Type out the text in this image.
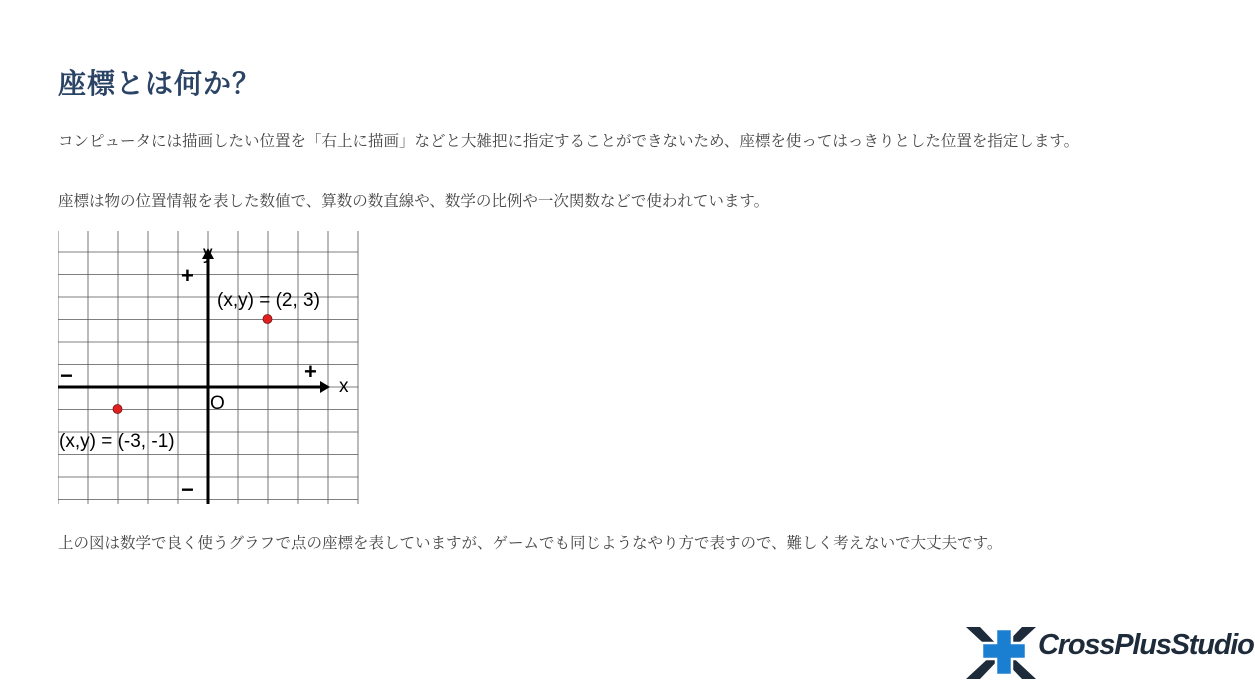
座標とは何か？

コンピュータには描画したい位置を「右上に描画」などと大雑把に指定することができないため、座標を使ってはっきりとした位置を指定します。

座標は物の位置情報を表した数値で、算数の数直線や、数学の比例や一次関数などで使われています。

y
x
O
+
+
−
−
(x,y) = (2, 3)
(x,y) = (-3, -1)

上の図は数学で良く使うグラフで点の座標を表していますが、ゲームでも同じようなやり方で表すので、難しく考えないで大丈夫です。

CrossPlusStudio
